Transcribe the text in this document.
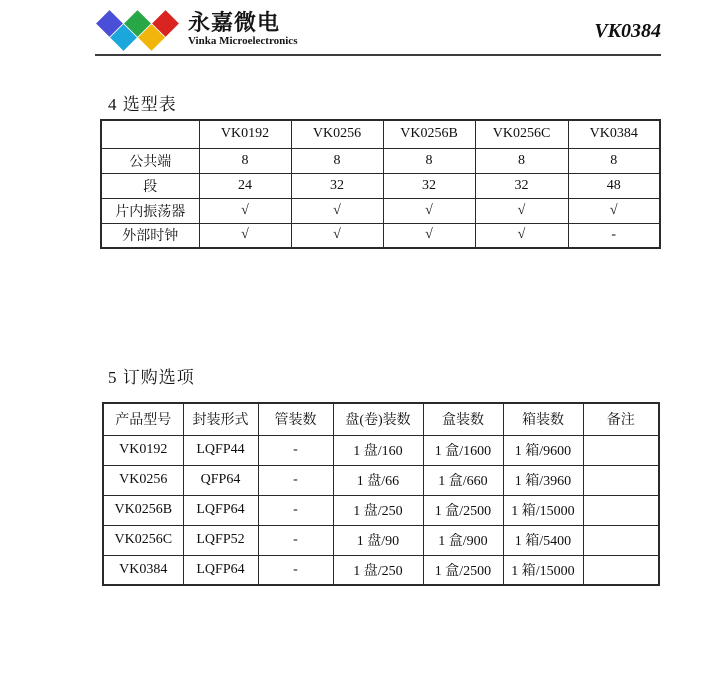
永嘉微电
Vinka Microelectronics	VK0384
4 选型表
	VK0192	VK0256	VK0256B	VK0256C	VK0384
公共端	8	8	8	8	8
段	24	32	32	32	48
片内振荡器	√	√	√	√	√
外部时钟	√	√	√	√	-
5 订购选项
产品型号	封装形式	管装数	盘(卷)装数	盒装数	箱装数	备注
VK0192	LQFP44	-	1 盘/160	1 盒/1600	1 箱/9600	
VK0256	QFP64	-	1 盘/66	1 盒/660	1 箱/3960	
VK0256B	LQFP64	-	1 盘/250	1 盒/2500	1 箱/15000	
VK0256C	LQFP52	-	1 盘/90	1 盒/900	1 箱/5400	
VK0384	LQFP64	-	1 盘/250	1 盒/2500	1 箱/15000	
